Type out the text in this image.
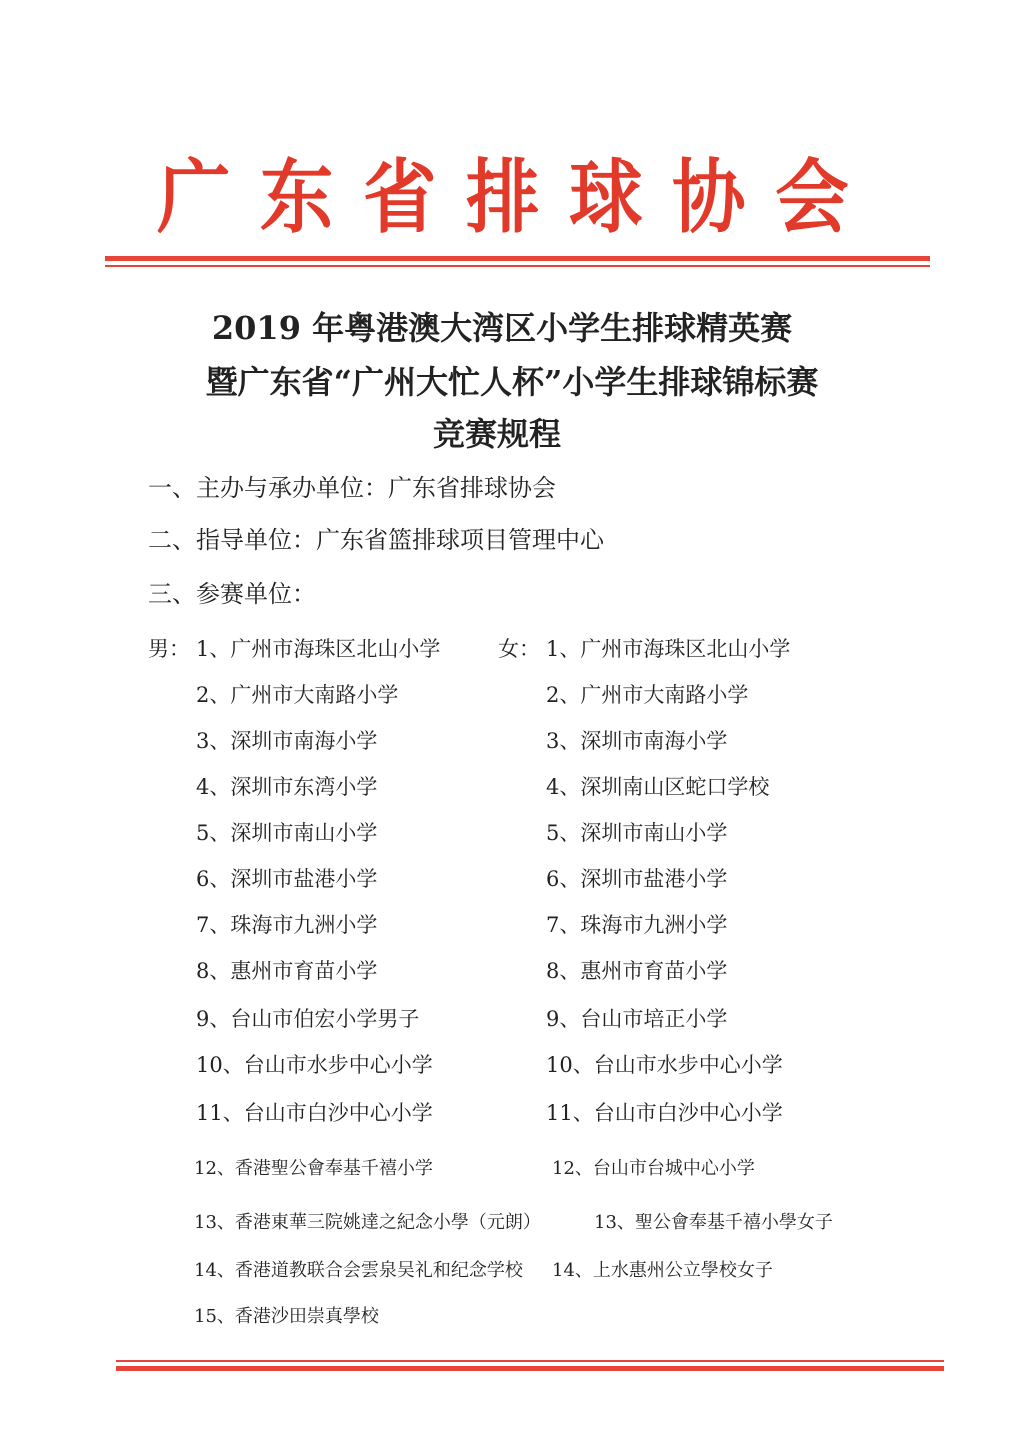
广东省排球协会
2019 年粤港澳大湾区小学生排球精英赛
暨广东省“广州大忙人杯”小学生排球锦标赛
竞赛规程
一、主办与承办单位：广东省排球协会
二、指导单位：广东省篮排球项目管理中心
三、参赛单位：
男： 1、广州市海珠区北山小学	女： 1、广州市海珠区北山小学
2、广州市大南路小学	2、广州市大南路小学
3、深圳市南海小学	3、深圳市南海小学
4、深圳市东湾小学	4、深圳南山区蛇口学校
5、深圳市南山小学	5、深圳市南山小学
6、深圳市盐港小学	6、深圳市盐港小学
7、珠海市九洲小学	7、珠海市九洲小学
8、惠州市育苗小学	8、惠州市育苗小学
9、台山市伯宏小学男子	9、台山市培正小学
10、台山市水步中心小学	10、台山市水步中心小学
11、台山市白沙中心小学	11、台山市白沙中心小学
12、香港聖公會奉基千禧小学	12、台山市台城中心小学
13、香港東華三院姚達之紀念小學（元朗）	13、聖公會奉基千禧小學女子
14、香港道教联合会雲泉吴礼和纪念学校 14、上水惠州公立學校女子
15、香港沙田崇真學校
